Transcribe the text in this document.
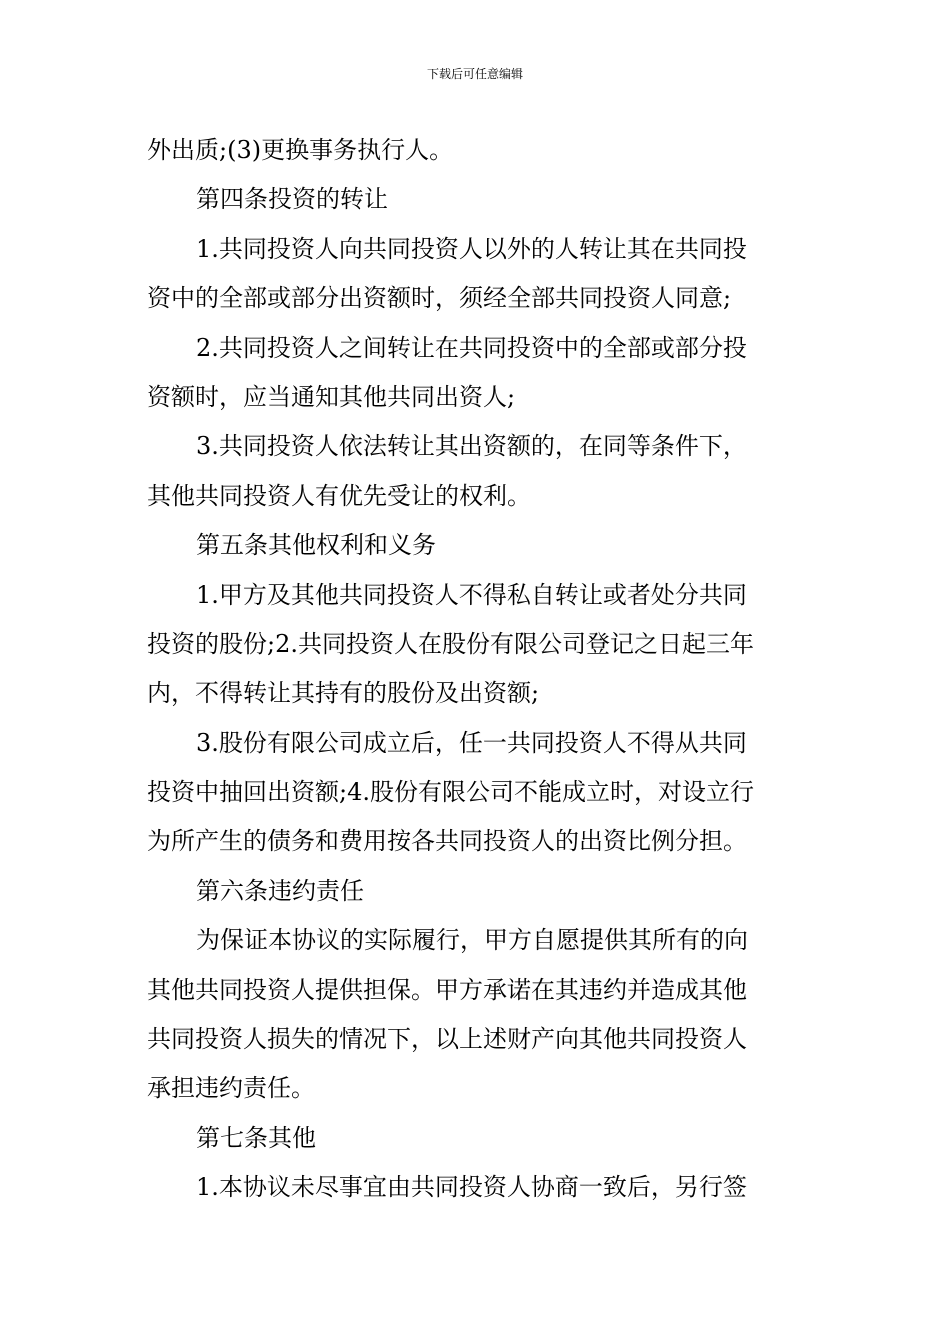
下载后可任意编辑
外出质;(3)更换事务执行人。
第四条投资的转让
1.共同投资人向共同投资人以外的人转让其在共同投
资中的全部或部分出资额时，须经全部共同投资人同意;
2.共同投资人之间转让在共同投资中的全部或部分投
资额时，应当通知其他共同出资人;
3.共同投资人依法转让其出资额的，在同等条件下，
其他共同投资人有优先受让的权利。
第五条其他权利和义务
1.甲方及其他共同投资人不得私自转让或者处分共同
投资的股份;2.共同投资人在股份有限公司登记之日起三年
内，不得转让其持有的股份及出资额;
3.股份有限公司成立后，任一共同投资人不得从共同
投资中抽回出资额;4.股份有限公司不能成立时，对设立行
为所产生的债务和费用按各共同投资人的出资比例分担。
第六条违约责任
为保证本协议的实际履行，甲方自愿提供其所有的向
其他共同投资人提供担保。甲方承诺在其违约并造成其他
共同投资人损失的情况下，以上述财产向其他共同投资人
承担违约责任。
第七条其他
1.本协议未尽事宜由共同投资人协商一致后，另行签
